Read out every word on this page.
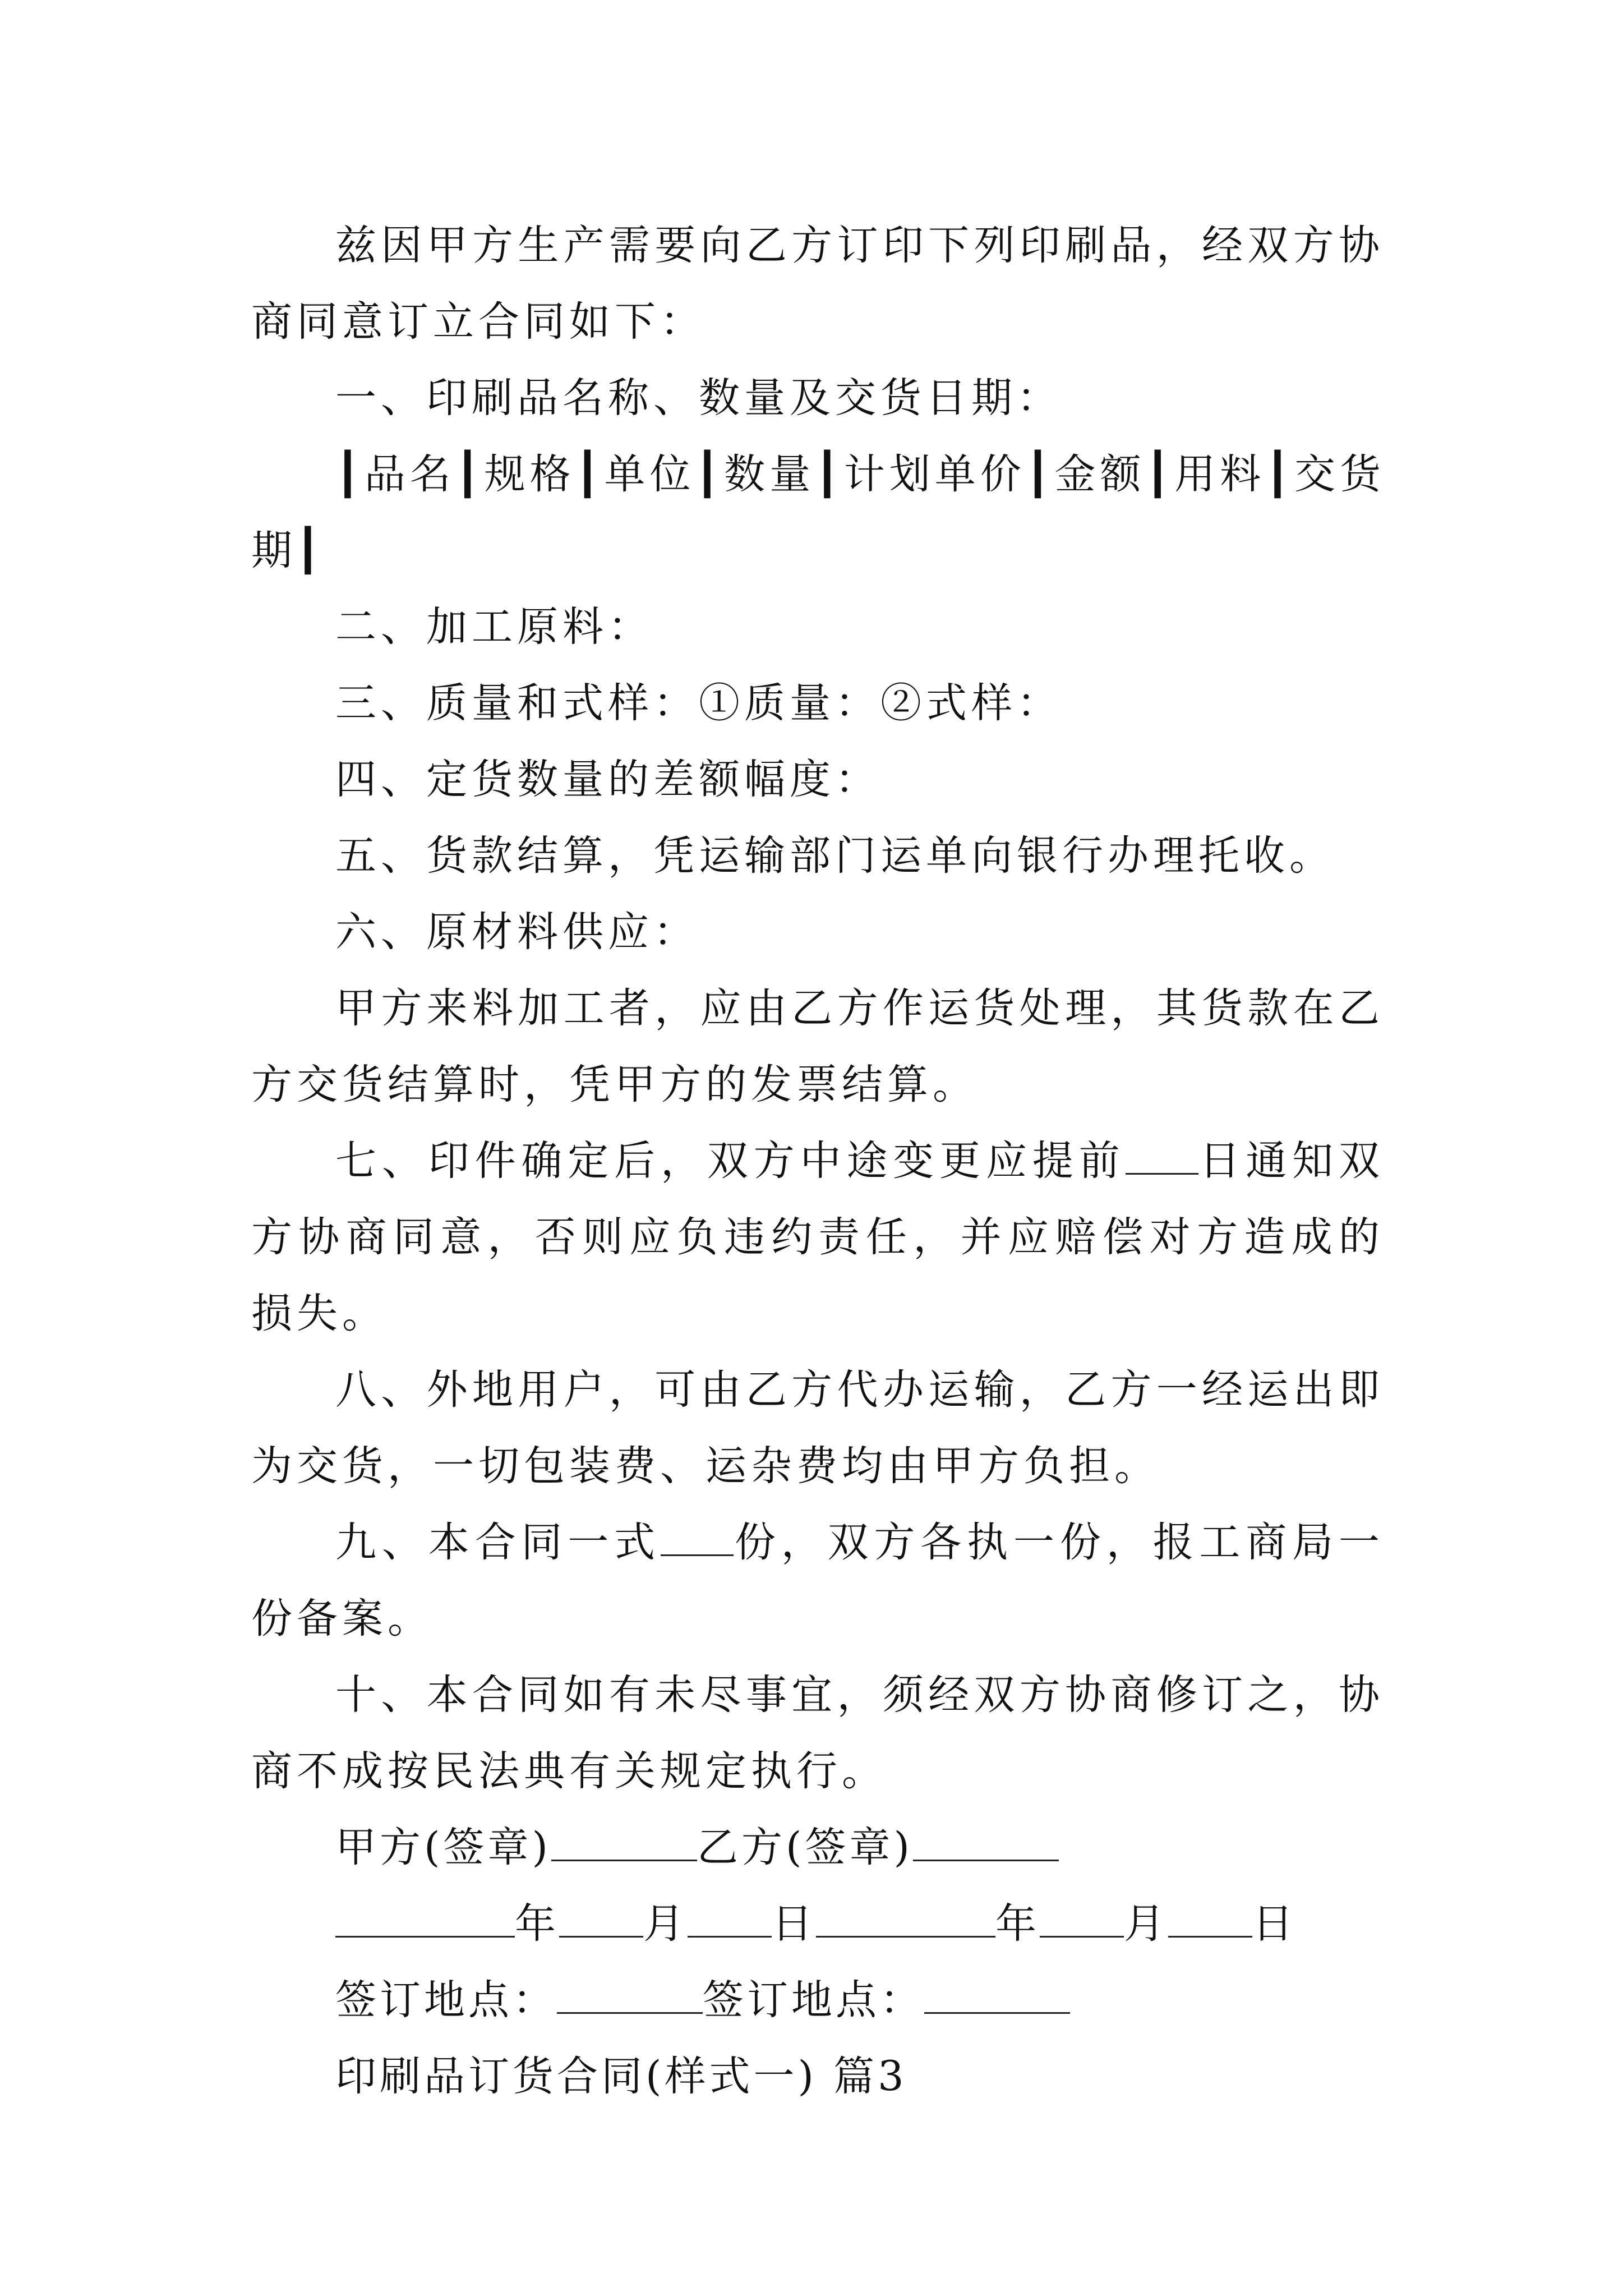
兹因甲方生产需要向乙方订印下列印刷品，经双方协商同意订立合同如下：

一、印刷品名称、数量及交货日期：

┃品名┃规格┃单位┃数量┃计划单价┃金额┃用料┃交货期┃

二、加工原料：

三、质量和式样：①质量：②式样：

四、定货数量的差额幅度：

五、货款结算，凭运输部门运单向银行办理托收。

六、原材料供应：

甲方来料加工者，应由乙方作运货处理，其货款在乙方交货结算时，凭甲方的发票结算。

七、印件确定后，双方中途变更应提前 日通知双方协商同意，否则应负违约责任，并应赔偿对方造成的损失。

八、外地用户，可由乙方代办运输，乙方一经运出即为交货，一切包装费、运杂费均由甲方负担。

九、本合同一式 份，双方各执一份，报工商局一份备案。

十、本合同如有未尽事宜，须经双方协商修订之，协商不成按民法典有关规定执行。

甲方(签章)	乙方(签章)

年 月 日	年 月 日

签订地点：	签订地点：

印刷品订货合同(样式一) 篇3
